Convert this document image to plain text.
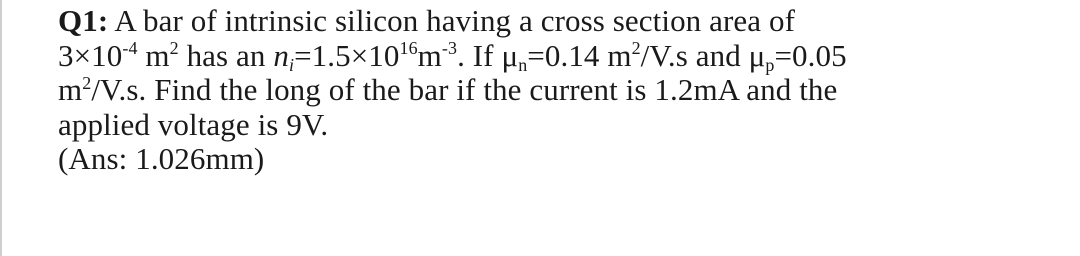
Q1: A bar of intrinsic silicon having a cross section area of
$3\times 10^{-4}$ $m^2$ has an $n_i=1.5\times 10^{16}m^{-3}$. If $\mu_n=0.14$ $m^2/V.s$ and $\mu_p=0.05$
$m^2/V.s$. Find the long of the bar if the current is 1.2mA and the
applied voltage is 9V.
(Ans: 1.026mm)
